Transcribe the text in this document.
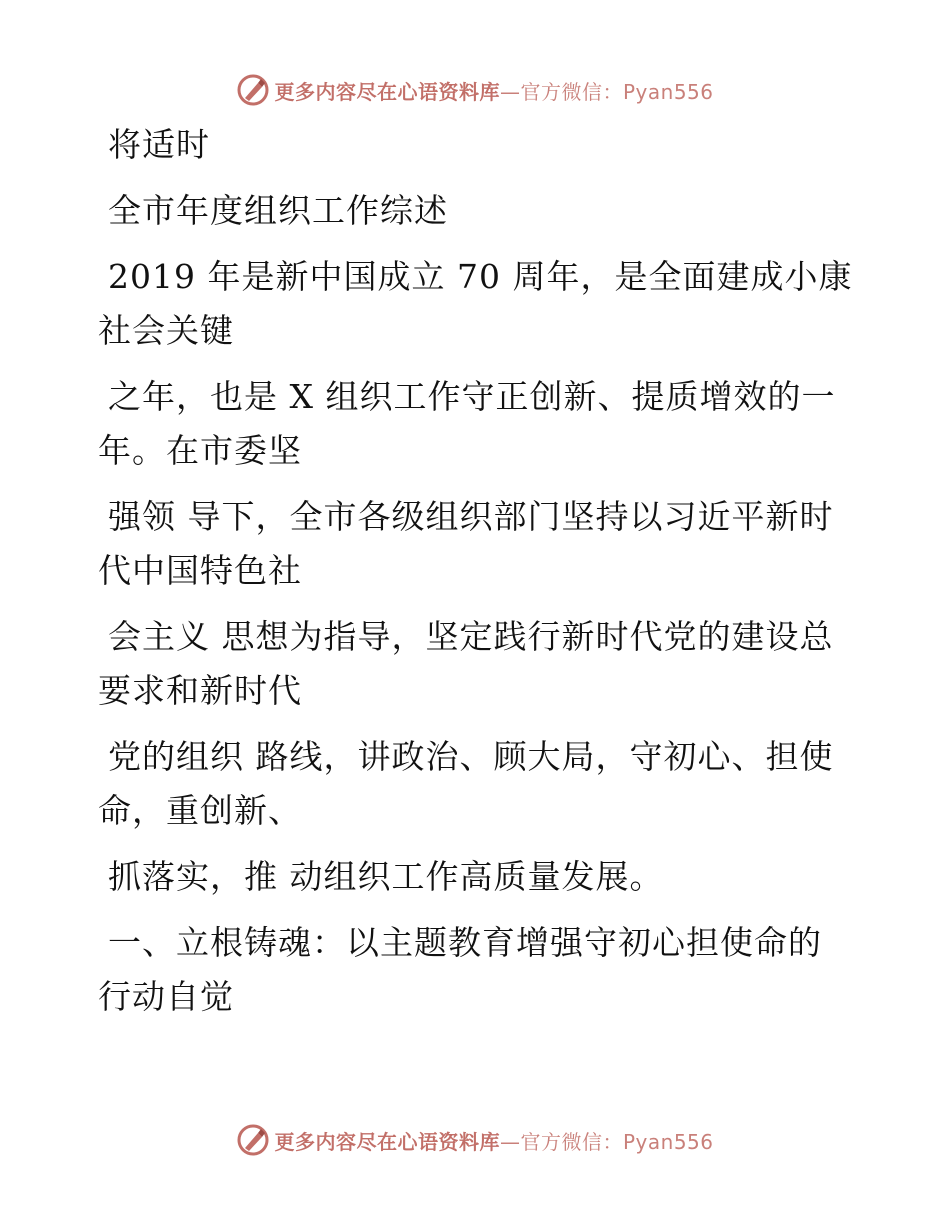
更多内容尽在心语资料库—官方微信：Pyan556
将适时
全市年度组织工作综述
2019 年是新中国成立 70 周年，是全面建成小康
社会关键
之年，也是 X 组织工作守正创新、提质增效的一
年。在市委坚
强领 导下，全市各级组织部门坚持以习近平新时
代中国特色社
会主义 思想为指导，坚定践行新时代党的建设总
要求和新时代
党的组织 路线，讲政治、顾大局，守初心、担使
命，重创新、
抓落实，推 动组织工作高质量发展。
一、立根铸魂：以主题教育增强守初心担使命的
行动自觉
更多内容尽在心语资料库—官方微信：Pyan556
